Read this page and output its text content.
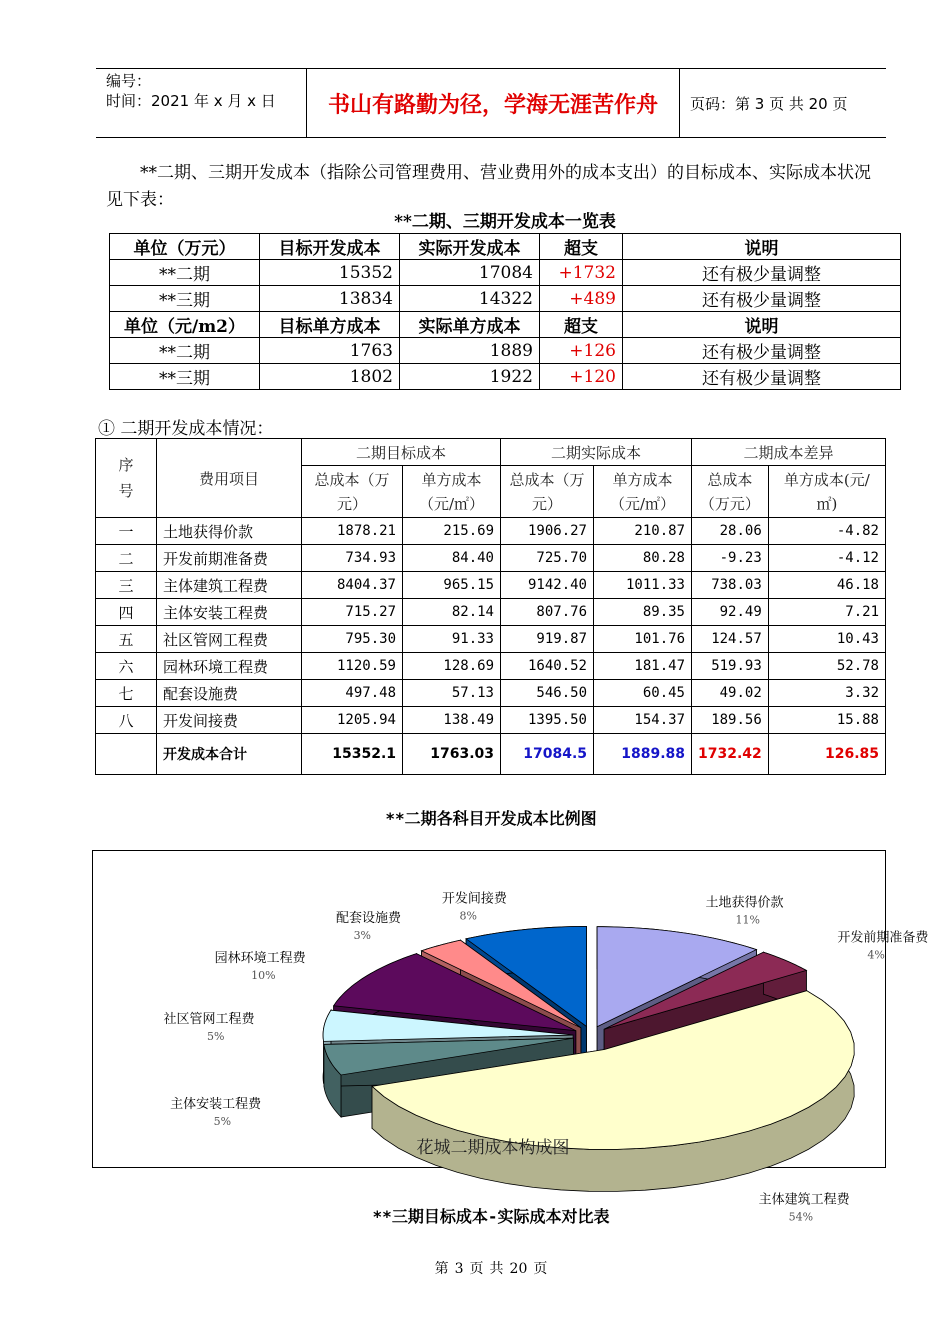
编号：
时间：2021 年 x 月 x 日	书山有路勤为径，学海无涯苦作舟	页码：第 3 页 共 20 页
**二期、三期开发成本（指除公司管理费用、营业费用外的成本支出）的目标成本、实际成本状况见下表：
**二期、三期开发成本一览表
单位（万元）	目标开发成本	实际开发成本	超支	说明
**二期	15352	17084	+1732	还有极少量调整
**三期	13834	14322	+489	还有极少量调整
单位（元/m2）	目标单方成本	实际单方成本	超支	说明
**二期	1763	1889	+126	还有极少量调整
**三期	1802	1922	+120	还有极少量调整
① 二期开发成本情况：
序号	费用项目	二期目标成本		二期实际成本		二期成本差异	
		总成本（万元）	单方成本（元/㎡）	总成本（万元）	单方成本（元/㎡）	总成本（万元）	单方成本(元/㎡)

一	土地获得价款	1878.21	215.69	1906.27	210.87	28.06	-4.82
二	开发前期准备费	734.93	84.40	725.70	80.28	-9.23	-4.12
三	主体建筑工程费	8404.37	965.15	9142.40	1011.33	738.03	46.18
四	主体安装工程费	715.27	82.14	807.76	89.35	92.49	7.21
五	社区管网工程费	795.30	91.33	919.87	101.76	124.57	10.43
六	园林环境工程费	1120.59	128.69	1640.52	181.47	519.93	52.78
七	配套设施费	497.48	57.13	546.50	60.45	49.02	3.32
八	开发间接费	1205.94	138.49	1395.50	154.37	189.56	15.88
	开发成本合计	15352.1	1763.03	17084.5	1889.88	1732.42	126.85
**二期各科目开发成本比例图
土地获得价款
11%
开发前期准备费
4%
主体建筑工程费
54%
主体安装工程费
5%
社区管网工程费
5%
园林环境工程费
10%
配套设施费
3%
开发间接费
8%
花城二期成本构成图
**三期目标成本-实际成本对比表
第 3 页 共 20 页
